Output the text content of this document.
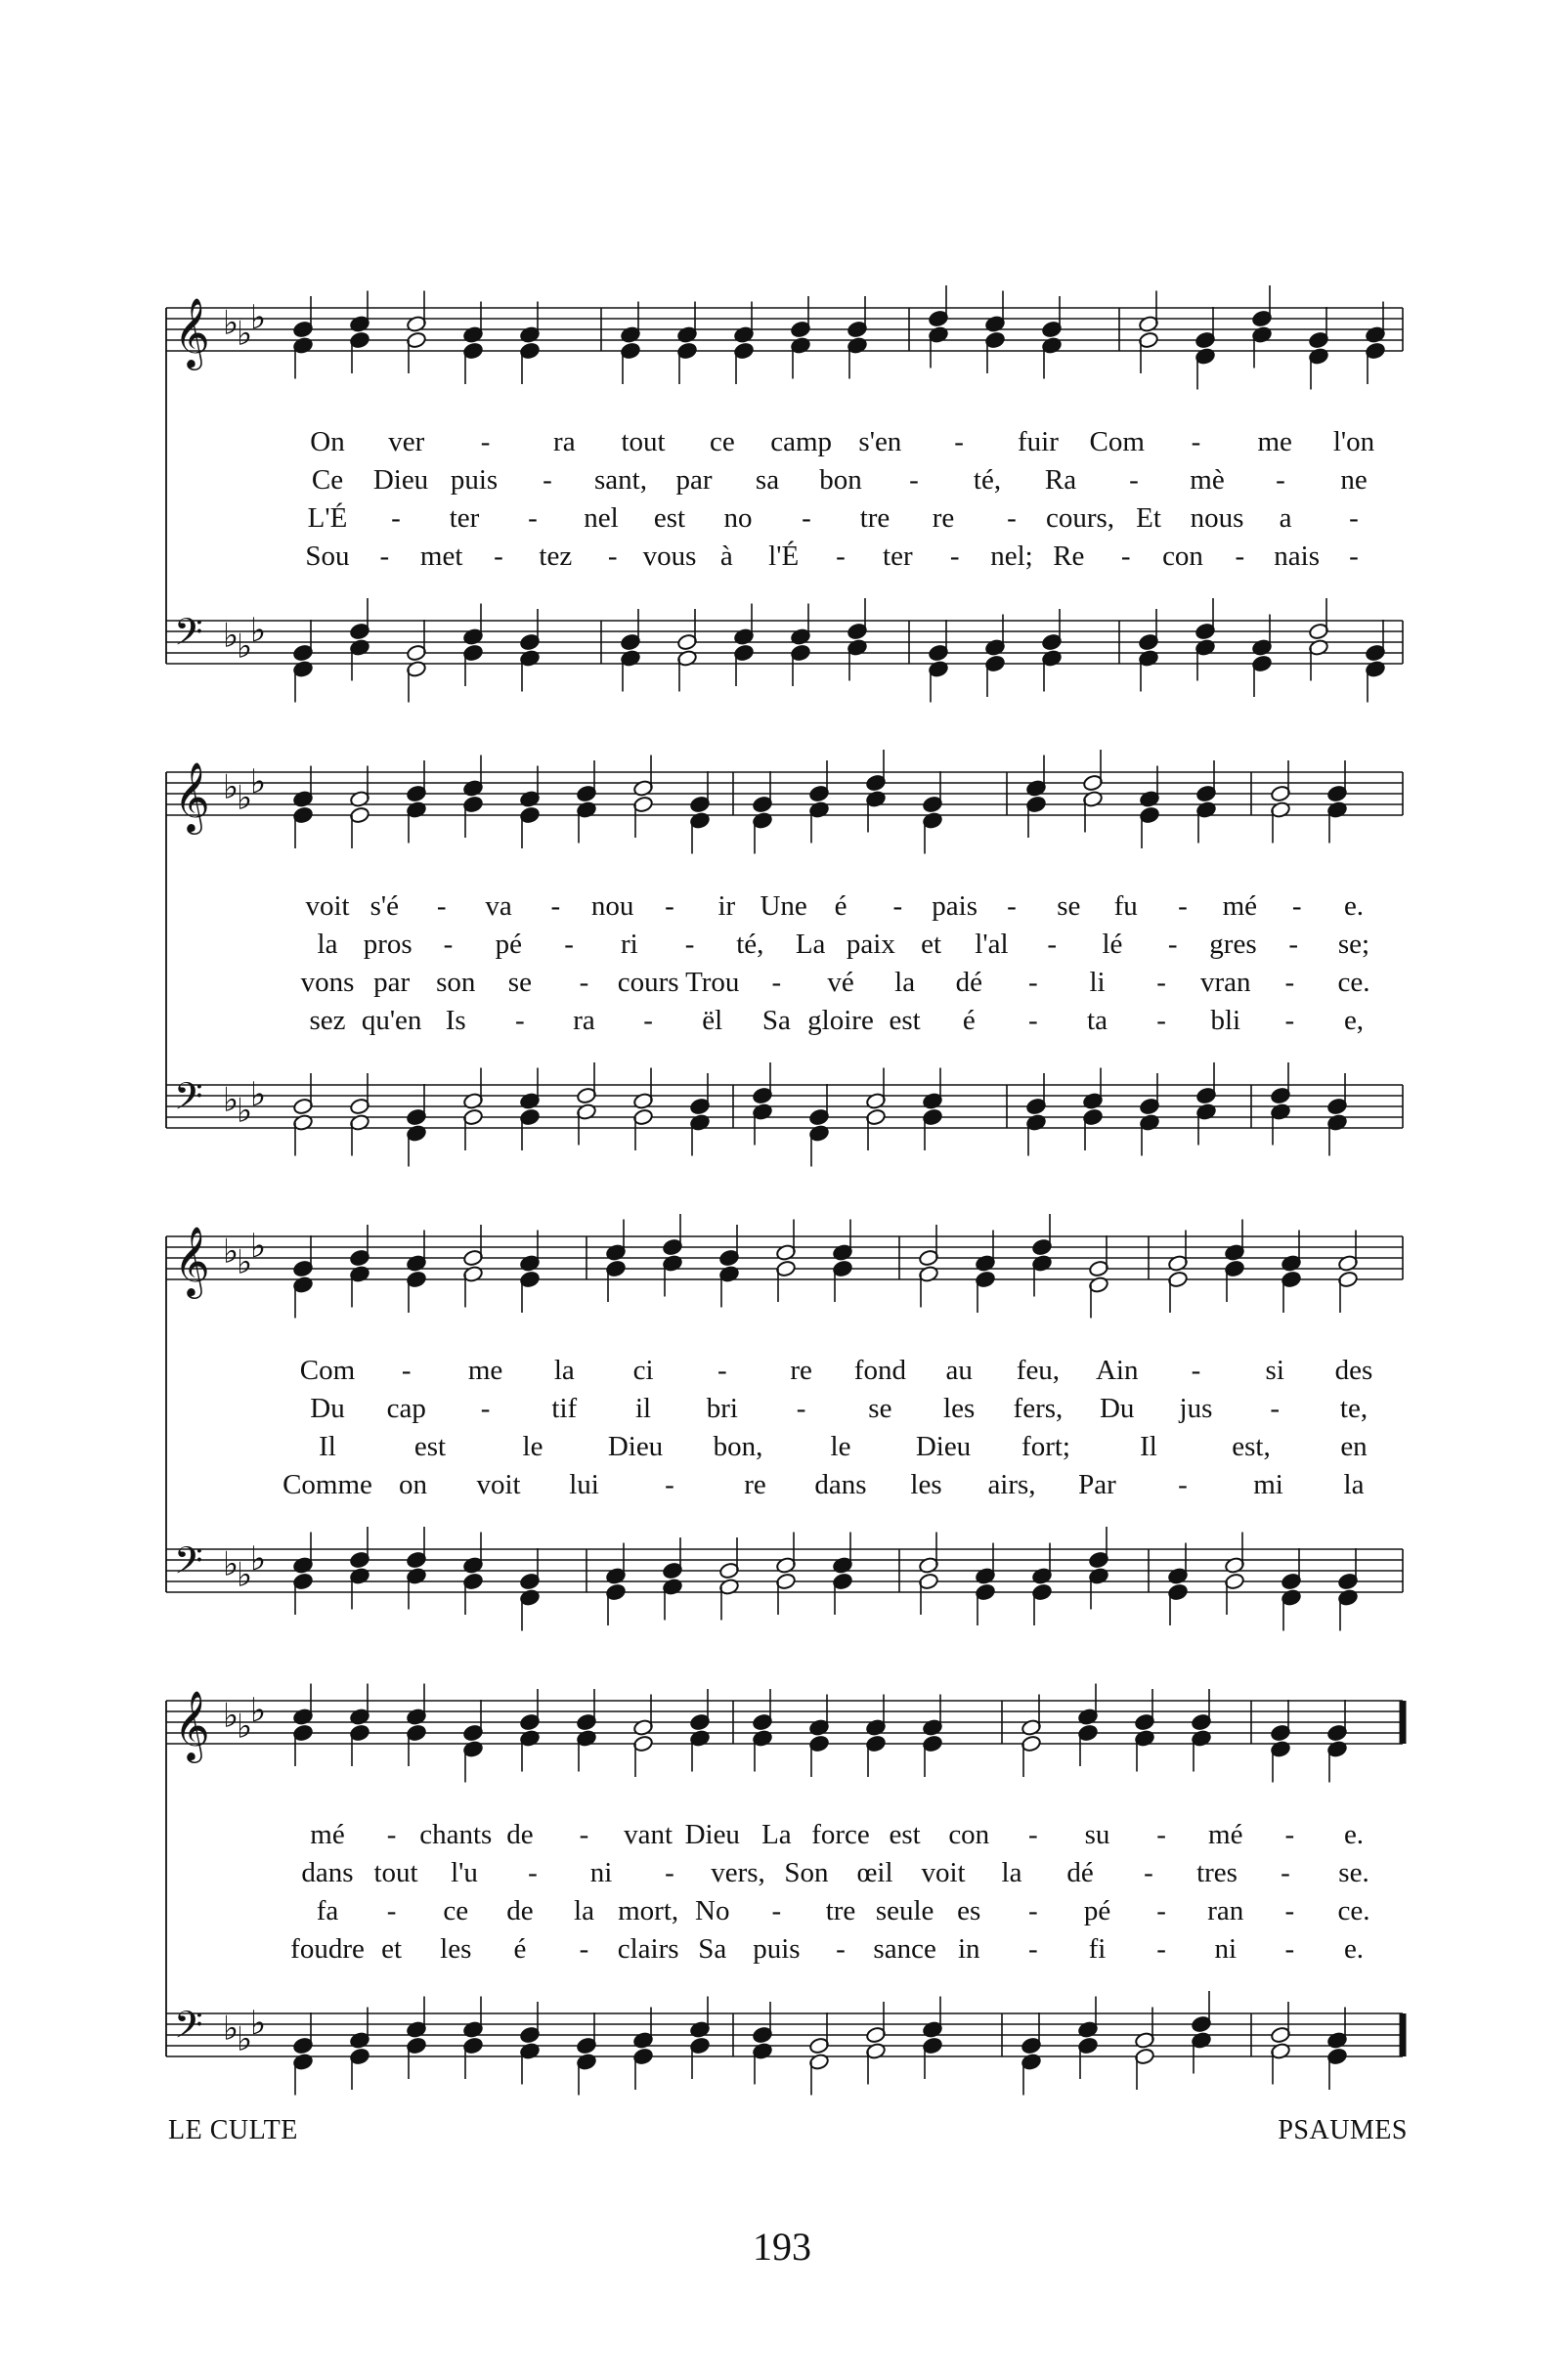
𝄞 ♭
♭
♭
𝄢 ♭
♭
♭
On ver - ra tout ce camp s'en - fuir Com - me l'on
Ce Dieu puis - sant, par sa bon - té, Ra - mè - ne
L'É - ter - nel est no - tre re - cours, Et nous a -
Sou - met - tez - vous à l'É - ter - nel; Re - con - nais -
𝄞 ♭
♭
♭
𝄢 ♭
♭
♭
voit s'é - va - nou - ir Une é - pais - se fu - mé - e.
la pros - pé - ri - té, La paix et l'al - lé - gres - se;
vons par son se - cours Trou - vé la dé - li - vran - ce.
sez qu'en Is - ra - ël Sa gloire est é - ta - bli - e,
𝄞 ♭
♭
♭
𝄢 ♭
♭
♭
Com - me la ci - re fond au feu, Ain - si des
Du cap - tif il bri - se les fers, Du jus - te,
Il	est	le Dieu bon, le Dieu fort; Il	est, en
Comme on voit lui - re dans les airs, Par - mi la
𝄞 ♭
♭
♭
𝄢 ♭
♭
♭
mé - chants de - vant Dieu La force est con - su - mé - e.
dans tout l'u - ni - vers, Son œil voit la dé - tres - se.
fa - ce de la mort, No - tre seule es - pé - ran - ce.
foudre et les é - clairs Sa puis - sance in - fi - ni - e.
LE CULTE	PSAUMES
193
